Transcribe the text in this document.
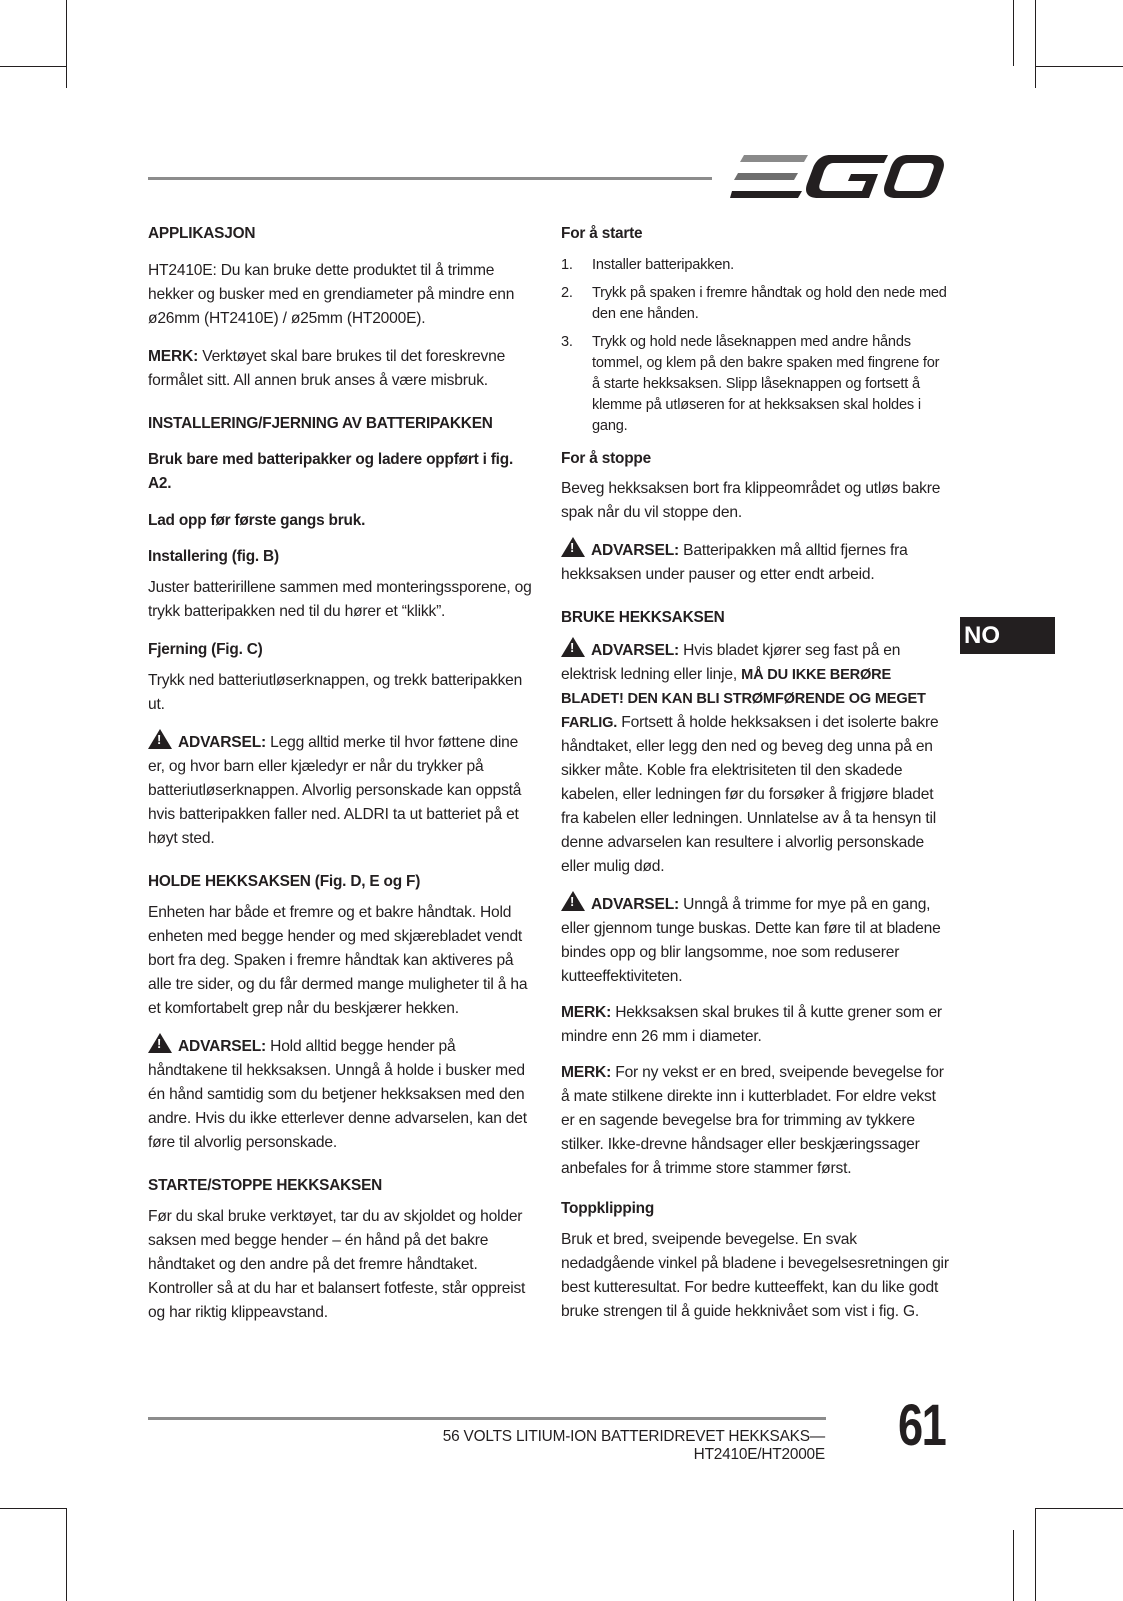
NO

APPLIKASJON

HT2410E: Du kan bruke dette produktet til å trimme hekker og busker med en grendiameter på mindre enn ø26mm (HT2410E) / ø25mm (HT2000E).

MERK: Verktøyet skal bare brukes til det foreskrevne formålet sitt. All annen bruk anses å være misbruk.

INSTALLERING/FJERNING AV BATTERIPAKKEN

Bruk bare med batteripakker og ladere oppført i fig. A2.

Lad opp før første gangs bruk.

Installering (fig. B)

Juster batteririllene sammen med monteringssporene, og trykk batteripakken ned til du hører et “klikk”.

Fjerning (Fig. C)

Trykk ned batteriutløserknappen, og trekk batteripakken ut.

!ADVARSEL: Legg alltid merke til hvor føttene dine er, og hvor barn eller kjæledyr er når du trykker på batteriutløserknappen. Alvorlig personskade kan oppstå hvis batteripakken faller ned. ALDRI ta ut batteriet på et høyt sted.

HOLDE HEKKSAKSEN (Fig. D, E og F)

Enheten har både et fremre og et bakre håndtak. Hold enheten med begge hender og med skjærebladet vendt bort fra deg. Spaken i fremre håndtak kan aktiveres på alle tre sider, og du får dermed mange muligheter til å ha et komfortabelt grep når du beskjærer hekken.

!ADVARSEL: Hold alltid begge hender på håndtakene til hekksaksen. Unngå å holde i busker med én hånd samtidig som du betjener hekksaksen med den andre. Hvis du ikke etterlever denne advarselen, kan det føre til alvorlig personskade.

STARTE/STOPPE HEKKSAKSEN

Før du skal bruke verktøyet, tar du av skjoldet og holder saksen med begge hender – én hånd på det bakre håndtaket og den andre på det fremre håndtaket. Kontroller så at du har et balansert fotfeste, står oppreist og har riktig klippeavstand.

For å starte

1. Installer batteripakken.
2. Trykk på spaken i fremre håndtak og hold den nede med den ene hånden.
3. Trykk og hold nede låseknappen med andre hånds tommel, og klem på den bakre spaken med fingrene for å starte hekksaksen. Slipp låseknappen og fortsett å klemme på utløseren for at hekksaksen skal holdes i gang.

For å stoppe

Beveg hekksaksen bort fra klippeområdet og utløs bakre spak når du vil stoppe den.

!ADVARSEL: Batteripakken må alltid fjernes fra hekksaksen under pauser og etter endt arbeid.

BRUKE HEKKSAKSEN

!ADVARSEL: Hvis bladet kjører seg fast på en elektrisk ledning eller linje, MÅ DU IKKE BERØRE BLADET! DEN KAN BLI STRØMFØRENDE OG MEGET FARLIG. Fortsett å holde hekksaksen i det isolerte bakre håndtaket, eller legg den ned og beveg deg unna på en sikker måte. Koble fra elektrisiteten til den skadede kabelen, eller ledningen før du forsøker å frigjøre bladet fra kabelen eller ledningen. Unnlatelse av å ta hensyn til denne advarselen kan resultere i alvorlig personskade eller mulig død.

!ADVARSEL: Unngå å trimme for mye på en gang, eller gjennom tunge buskas. Dette kan føre til at bladene bindes opp og blir langsomme, noe som reduserer kutteeffektiviteten.

MERK: Hekksaksen skal brukes til å kutte grener som er mindre enn 26 mm i diameter.

MERK: For ny vekst er en bred, sveipende bevegelse for å mate stilkene direkte inn i kutterbladet. For eldre vekst er en sagende bevegelse bra for trimming av tykkere stilker. Ikke-drevne håndsager eller beskjæringssager anbefales for å trimme store stammer først.

Toppklipping

Bruk et bred, sveipende bevegelse. En svak nedadgående vinkel på bladene i bevegelsesretningen gir best kutteresultat. For bedre kutteeffekt, kan du like godt bruke strengen til å guide hekknivået som vist i fig. G.

56 VOLTS LITIUM-ION BATTERIDREVET HEKKSAKS— HT2410E/HT2000E 61
